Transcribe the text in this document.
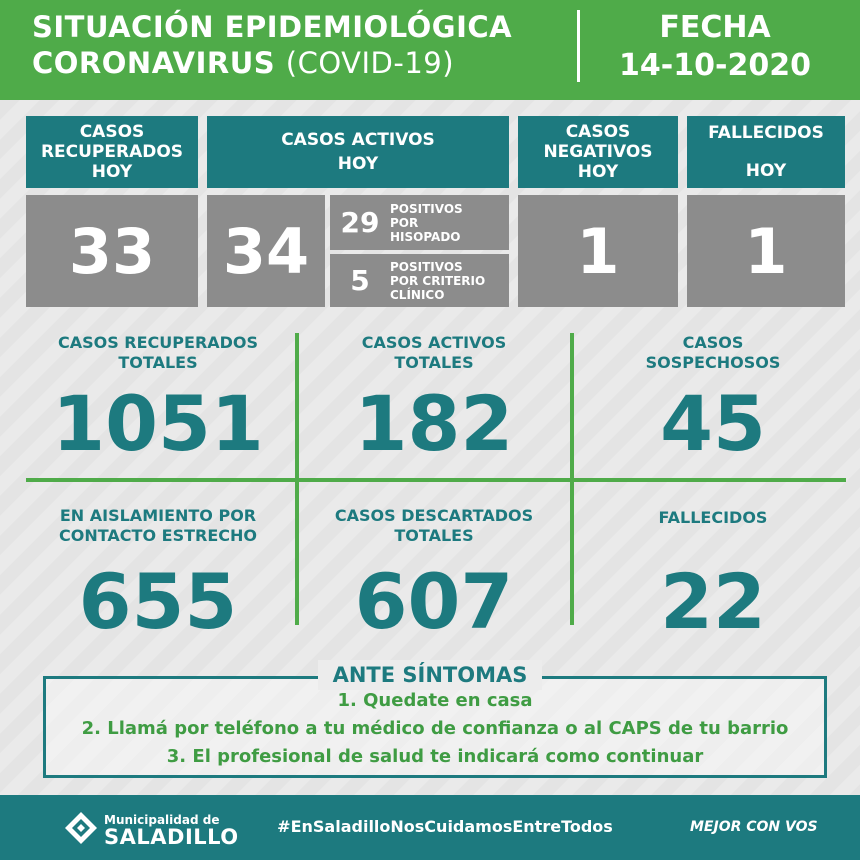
SITUACIÓN EPIDEMIOLÓGICA
CORONAVIRUS (COVID-19)
FECHA
14-10-2020
CASOS
RECUPERADOS
HOY
33
CASOS ACTIVOS
HOY
34	29 POSITIVOS
POR
HISOPADO
5	POSITIVOS
POR CRITERIO
CLÍNICO
CASOS
NEGATIVOS
HOY
1
FALLECIDOS
HOY
1
CASOS RECUPERADOS
TOTALES
1051
CASOS ACTIVOS
TOTALES
182
CASOS
SOSPECHOSOS
45
EN AISLAMIENTO POR
CONTACTO ESTRECHO
655
CASOS DESCARTADOS
TOTALES
607
FALLECIDOS
22
ANTE SÍNTOMAS
1. Quedate en casa
2. Llamá por teléfono a tu médico de confianza o al CAPS de tu barrio
3. El profesional de salud te indicará como continuar
Municipalidad de
SALADILLO	#EnSaladilloNosCuidamosEntreTodos	MEJOR CON VOS
